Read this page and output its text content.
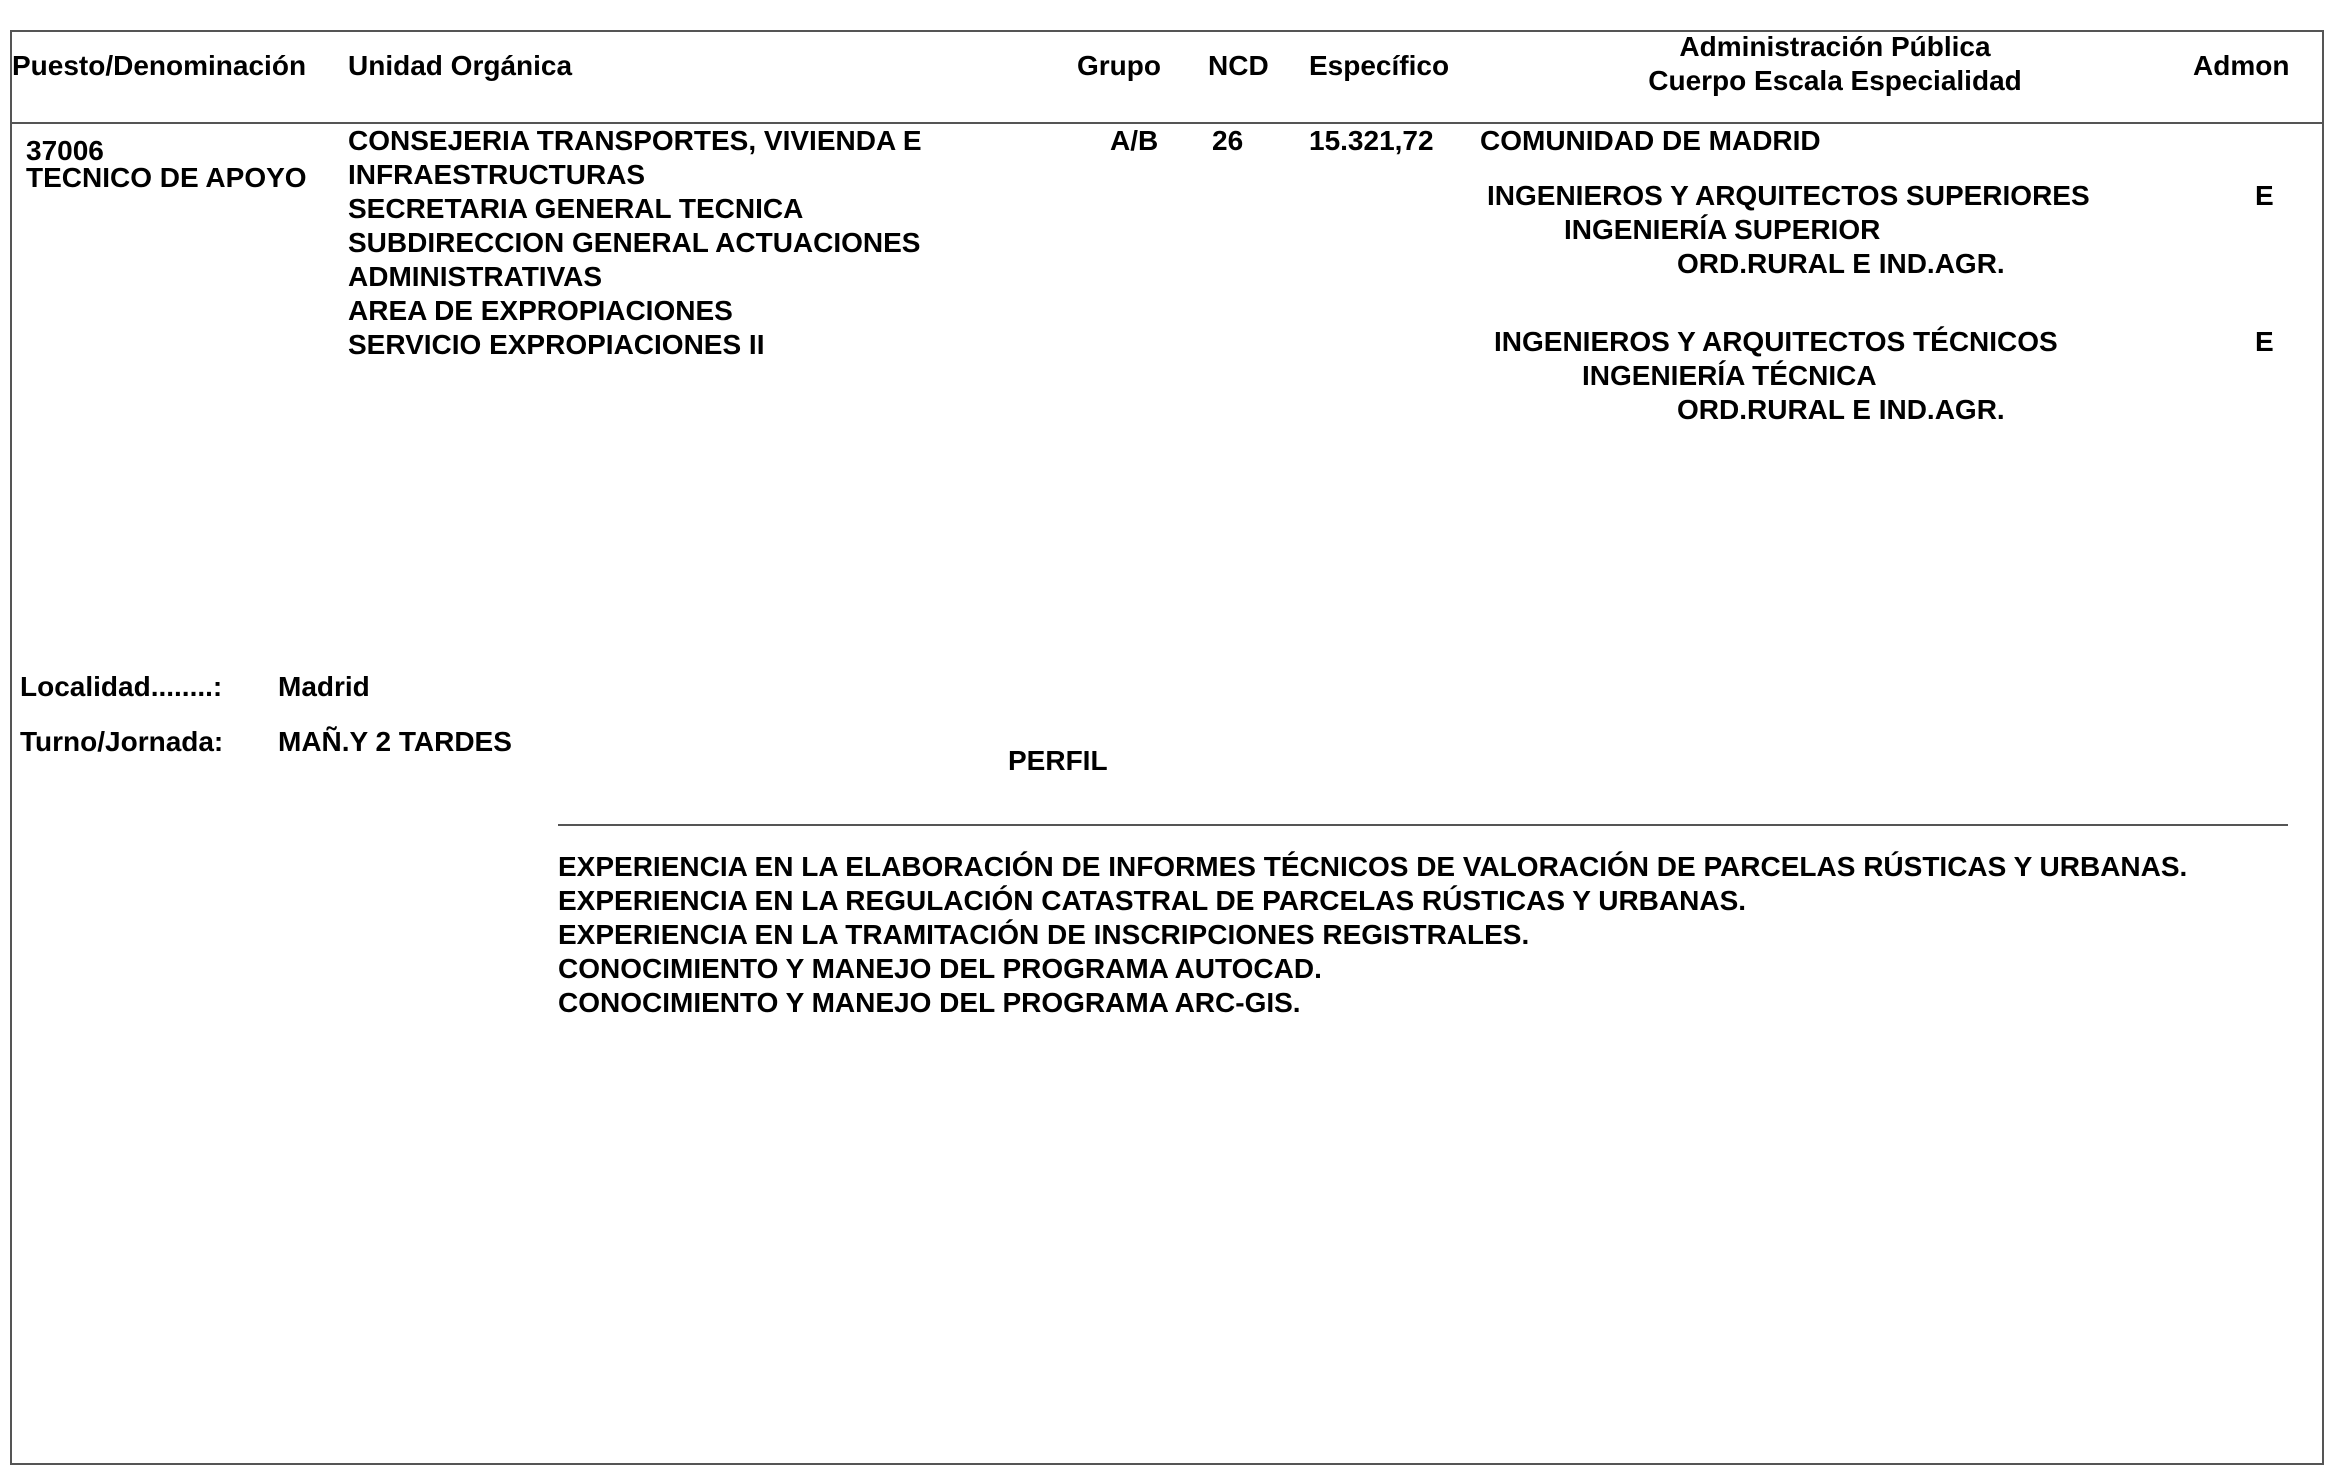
Puesto/Denominación Unidad Orgánica	Grupo NCD Específico
Administración Pública
Cuerpo Escala Especialidad	Admon
37006
TECNICO DE APOYO
CONSEJERIA TRANSPORTES, VIVIENDA E
INFRAESTRUCTURAS
SECRETARIA GENERAL TECNICA
SUBDIRECCION GENERAL ACTUACIONES
ADMINISTRATIVAS
AREA DE EXPROPIACIONES
SERVICIO EXPROPIACIONES II
A/B 26 15.321,72 COMUNIDAD DE MADRID
INGENIEROS Y ARQUITECTOS SUPERIORES
INGENIERÍA SUPERIOR
ORD.RURAL E IND.AGR.
E
INGENIEROS Y ARQUITECTOS TÉCNICOS
INGENIERÍA TÉCNICA
ORD.RURAL E IND.AGR.
E
Localidad........: Madrid
Turno/Jornada: MAÑ.Y 2 TARDES
PERFIL
EXPERIENCIA EN LA ELABORACIÓN DE INFORMES TÉCNICOS DE VALORACIÓN DE PARCELAS RÚSTICAS Y URBANAS.
EXPERIENCIA EN LA REGULACIÓN CATASTRAL DE PARCELAS RÚSTICAS Y URBANAS.
EXPERIENCIA EN LA TRAMITACIÓN DE INSCRIPCIONES REGISTRALES.
CONOCIMIENTO Y MANEJO DEL PROGRAMA AUTOCAD.
CONOCIMIENTO Y MANEJO DEL PROGRAMA ARC-GIS.
